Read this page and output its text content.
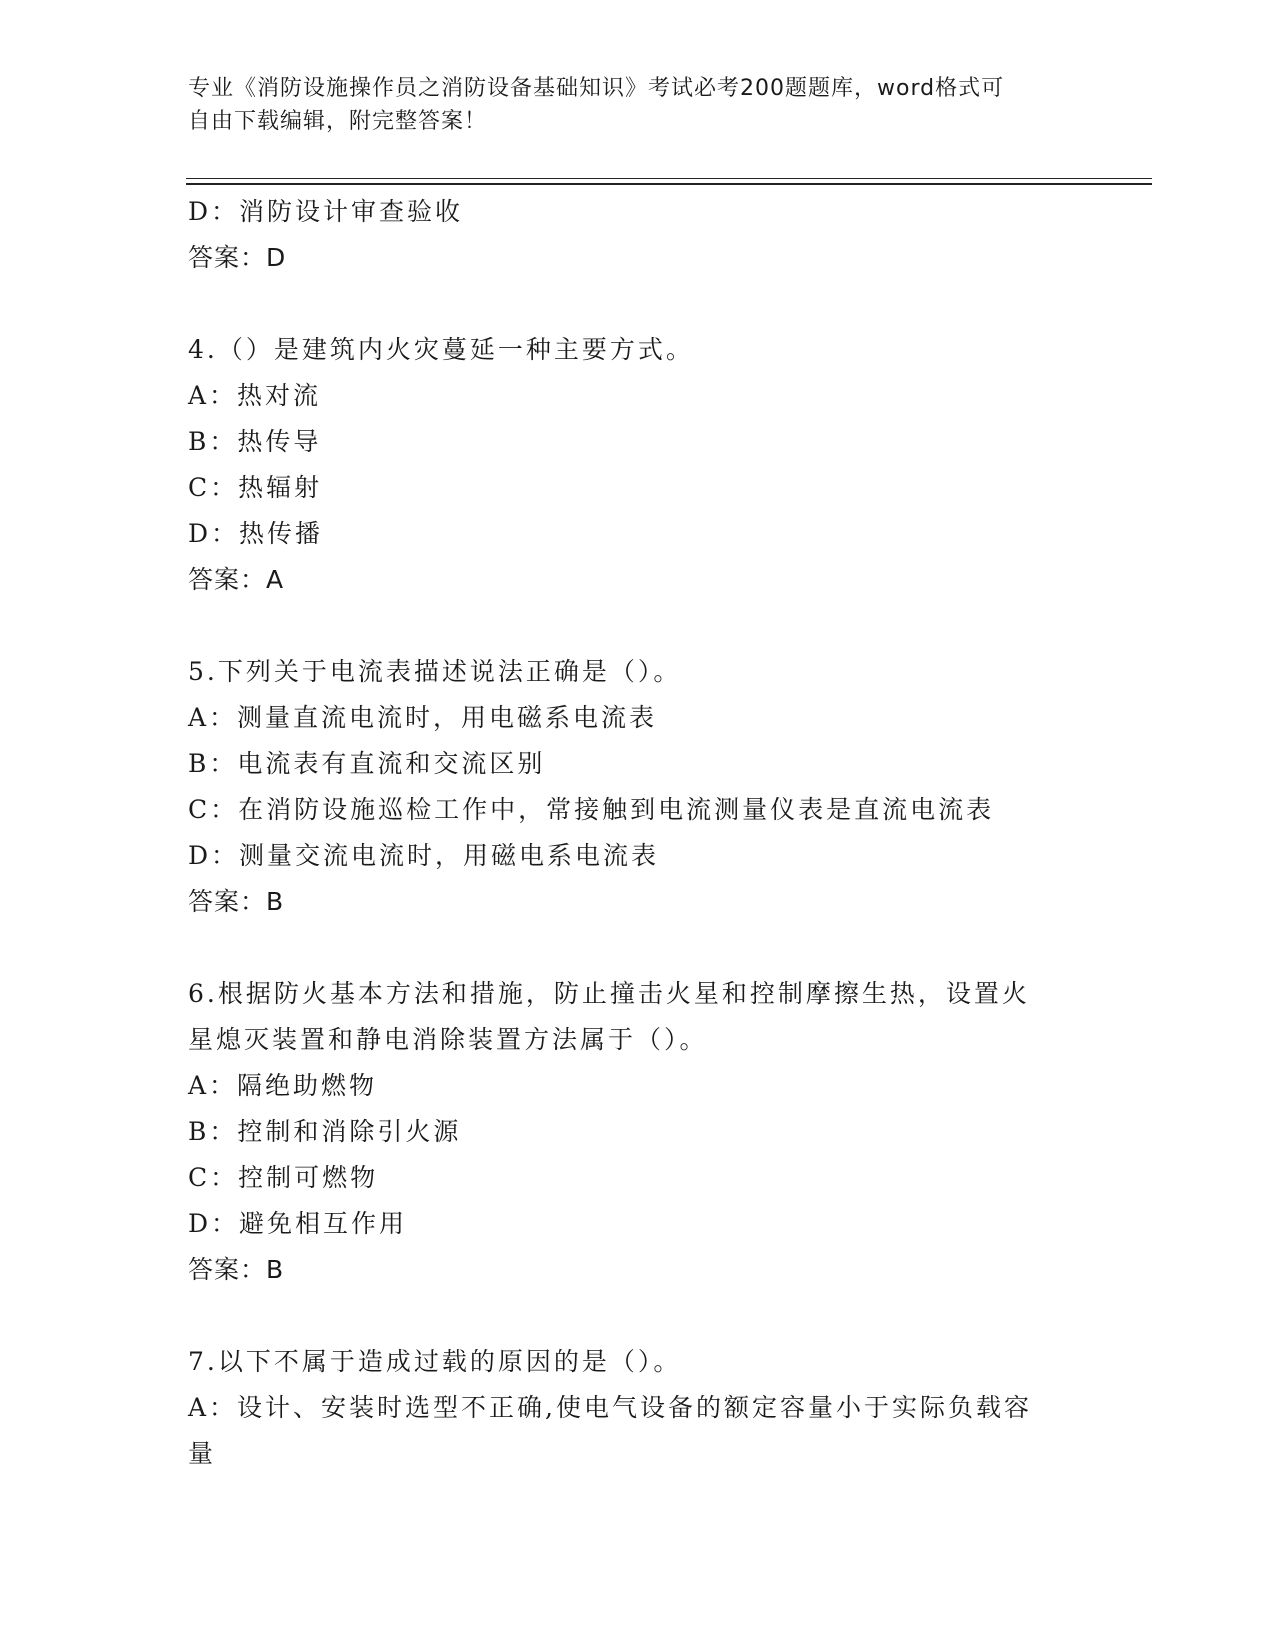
专业《消防设施操作员之消防设备基础知识》考试必考200题题库，word格式可
自由下载编辑，附完整答案！
D：消防设计审查验收
答案：D
4.（）是建筑内火灾蔓延一种主要方式。
A：热对流
B：热传导
C：热辐射
D：热传播
答案：A
5.下列关于电流表描述说法正确是（）。
A：测量直流电流时，用电磁系电流表
B：电流表有直流和交流区别
C：在消防设施巡检工作中，常接触到电流测量仪表是直流电流表
D：测量交流电流时，用磁电系电流表
答案：B
6.根据防火基本方法和措施，防止撞击火星和控制摩擦生热，设置火
星熄灭装置和静电消除装置方法属于（）。
A：隔绝助燃物
B：控制和消除引火源
C：控制可燃物
D：避免相互作用
答案：B
7.以下不属于造成过载的原因的是（）。
A：设计、安装时选型不正确,使电气设备的额定容量小于实际负载容
量
